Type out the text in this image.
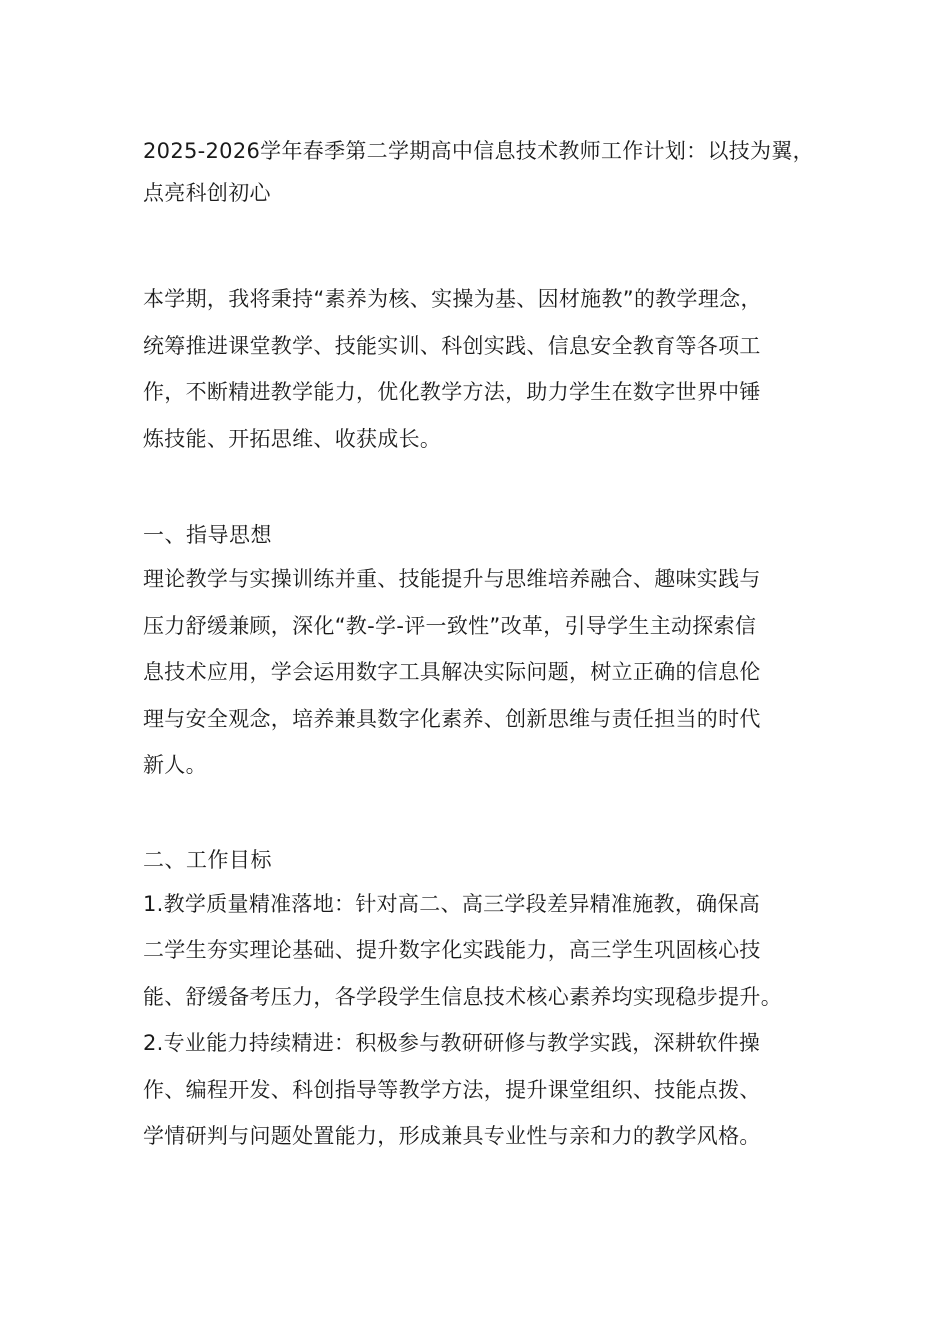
2025-2026学年春季第二学期高中信息技术教师工作计划：以技为翼，
点亮科创初心
本学期，我将秉持“素养为核、实操为基、因材施教”的教学理念，
统筹推进课堂教学、技能实训、科创实践、信息安全教育等各项工
作，不断精进教学能力，优化教学方法，助力学生在数字世界中锤
炼技能、开拓思维、收获成长。
一、指导思想
理论教学与实操训练并重、技能提升与思维培养融合、趣味实践与
压力舒缓兼顾，深化“教-学-评一致性”改革，引导学生主动探索信
息技术应用，学会运用数字工具解决实际问题，树立正确的信息伦
理与安全观念，培养兼具数字化素养、创新思维与责任担当的时代
新人。
二、工作目标
1.教学质量精准落地：针对高二、高三学段差异精准施教，确保高
二学生夯实理论基础、提升数字化实践能力，高三学生巩固核心技
能、舒缓备考压力，各学段学生信息技术核心素养均实现稳步提升。
2.专业能力持续精进：积极参与教研研修与教学实践，深耕软件操
作、编程开发、科创指导等教学方法，提升课堂组织、技能点拨、
学情研判与问题处置能力，形成兼具专业性与亲和力的教学风格。
